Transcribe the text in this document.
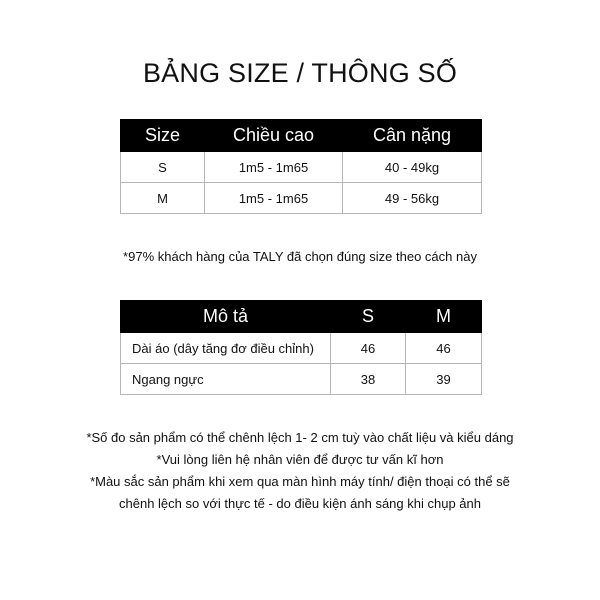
BẢNG SIZE / THÔNG SỐ
Size	Chiều cao	Cân nặng
S	1m5 - 1m65	40 - 49kg
M	1m5 - 1m65	49 - 56kg
*97% khách hàng của TALY đã chọn đúng size theo cách này
Mô tả	S	M
Dài áo (dây tăng đơ điều chỉnh)	46	46
Ngang ngực	38	39
*Số đo sản phẩm có thể chênh lệch 1- 2 cm tuỳ vào chất liệu và kiểu dáng
*Vui lòng liên hệ nhân viên để được tư vấn kĩ hơn
*Màu sắc sản phẩm khi xem qua màn hình máy tính/ điện thoại có thể sẽ
chênh lệch so với thực tế - do điều kiện ánh sáng khi chụp ảnh
